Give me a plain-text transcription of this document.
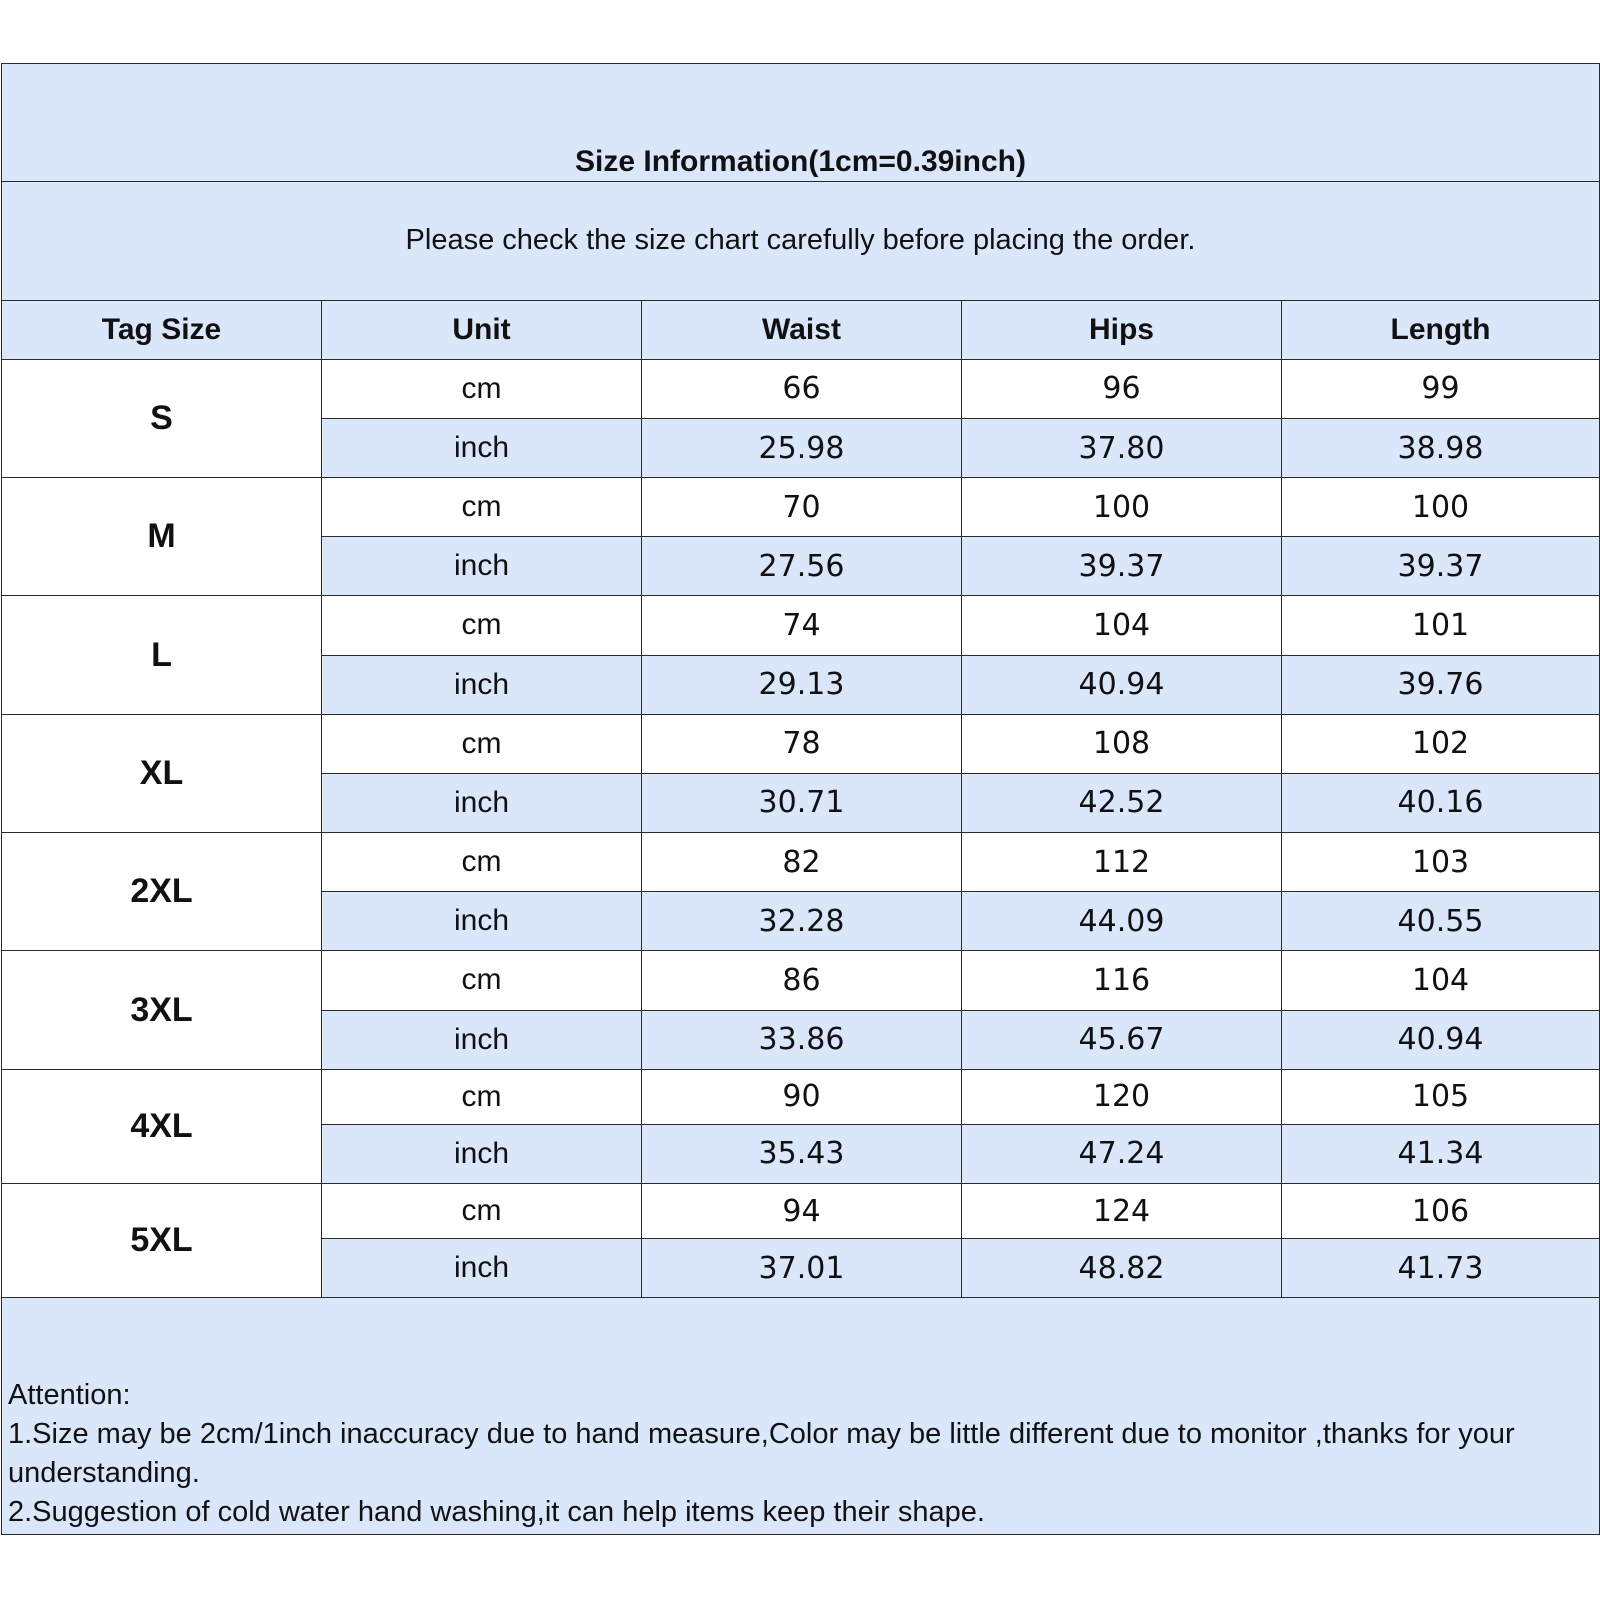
Size Information(1cm=0.39inch)				
Please check the size chart carefully before placing the order.				
Tag Size	Unit	Waist	Hips	Length
S	cm	66	96	99
	inch	25.98	37.80	38.98
M	cm	70	100	100
	inch	27.56	39.37	39.37
L	cm	74	104	101
	inch	29.13	40.94	39.76
XL	cm	78	108	102
	inch	30.71	42.52	40.16
2XL	cm	82	112	103
	inch	32.28	44.09	40.55
3XL	cm	86	116	104
	inch	33.86	45.67	40.94
4XL	cm	90	120	105
	inch	35.43	47.24	41.34
5XL	cm	94	124	106
	inch	37.01	48.82	41.73

Attention:
1.Size may be 2cm/1inch inaccuracy due to hand measure,Color may be little different due to monitor ,thanks for your understanding.
2.Suggestion of cold water hand washing,it can help items keep their shape.				
